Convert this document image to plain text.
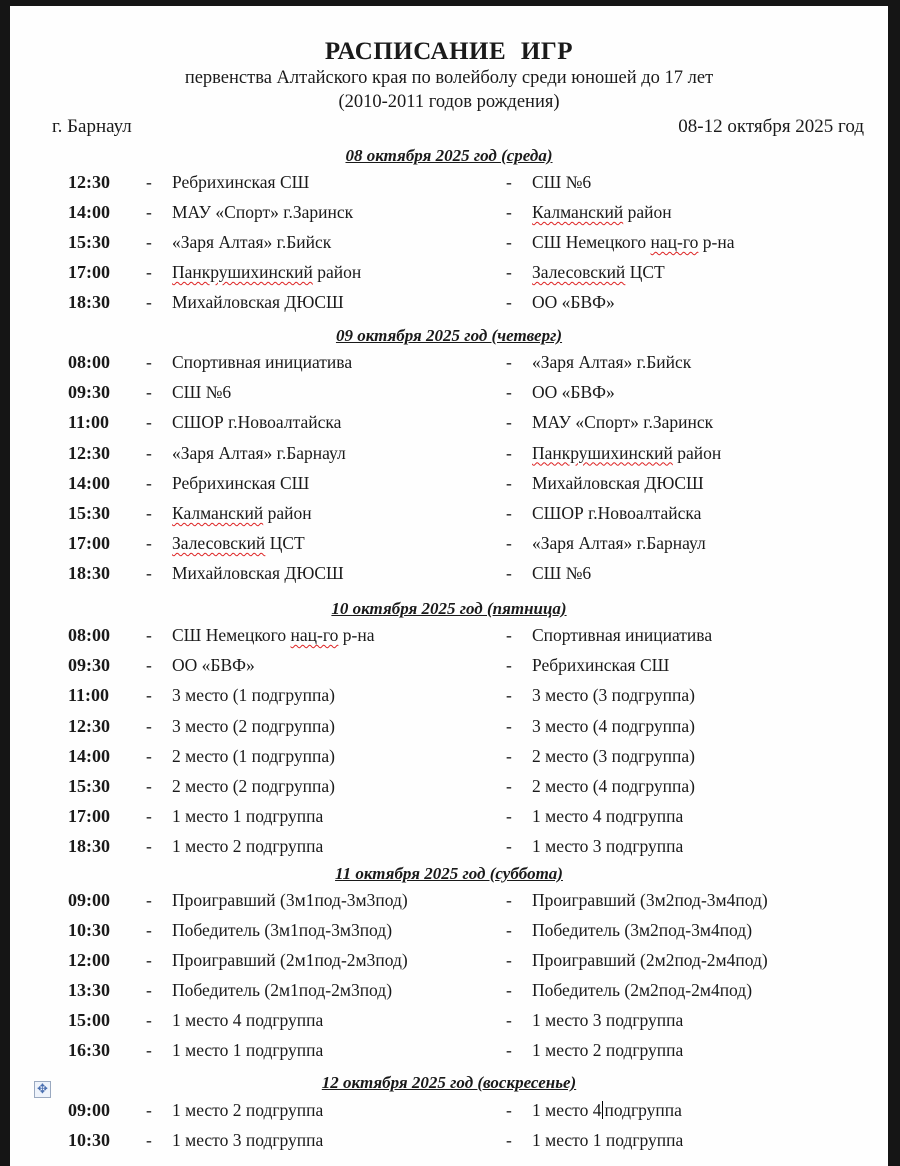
РАСПИСАНИЕ ИГР
первенства Алтайского края по волейболу среди юношей до 17 лет
(2010-2011 годов рождения)
г. Барнаул	08-12 октября 2025 год
08 октября 2025 год (среда)
12:30 - Ребрихинская СШ	- СШ №6
14:00 - МАУ «Спорт» г.Заринск	- Калманский район
15:30 - «Заря Алтая» г.Бийск	- СШ Немецкого нац-го р-на
17:00 - Панкрушихинский район	- Залесовский ЦСТ
18:30 - Михайловская ДЮСШ	- ОО «БВФ»
09 октября 2025 год (четверг)
08:00 - Спортивная инициатива	- «Заря Алтая» г.Бийск
09:30 - СШ №6	- ОО «БВФ»
11:00 - СШОР г.Новоалтайска	- МАУ «Спорт» г.Заринск
12:30 - «Заря Алтая» г.Барнаул	- Панкрушихинский район
14:00 - Ребрихинская СШ	- Михайловская ДЮСШ
15:30 - Калманский район	- СШОР г.Новоалтайска
17:00 - Залесовский ЦСТ	- «Заря Алтая» г.Барнаул
18:30 - Михайловская ДЮСШ	- СШ №6
10 октября 2025 год (пятница)
08:00 - СШ Немецкого нац-го р-на	- Спортивная инициатива
09:30 - ОО «БВФ»	- Ребрихинская СШ
11:00 - 3 место (1 подгруппа)	- 3 место (3 подгруппа)
12:30 - 3 место (2 подгруппа)	- 3 место (4 подгруппа)
14:00 - 2 место (1 подгруппа)	- 2 место (3 подгруппа)
15:30 - 2 место (2 подгруппа)	- 2 место (4 подгруппа)
17:00 - 1 место 1 подгруппа	- 1 место 4 подгруппа
18:30 - 1 место 2 подгруппа	- 1 место 3 подгруппа
11 октября 2025 год (суббота)
09:00 - Проигравший (3м1под-3м3под)	- Проигравший (3м2под-3м4под)
10:30 - Победитель (3м1под-3м3под)	- Победитель (3м2под-3м4под)
12:00 - Проигравший (2м1под-2м3под)	- Проигравший (2м2под-2м4под)
13:30 - Победитель (2м1под-2м3под)	- Победитель (2м2под-2м4под)
15:00 - 1 место 4 подгруппа	- 1 место 3 подгруппа
16:30 - 1 место 1 подгруппа	- 1 место 2 подгруппа
12 октября 2025 год (воскресенье)
09:00 - 1 место 2 подгруппа	- 1 место 4 подгруппа
10:30 - 1 место 3 подгруппа	- 1 место 1 подгруппа
✥
